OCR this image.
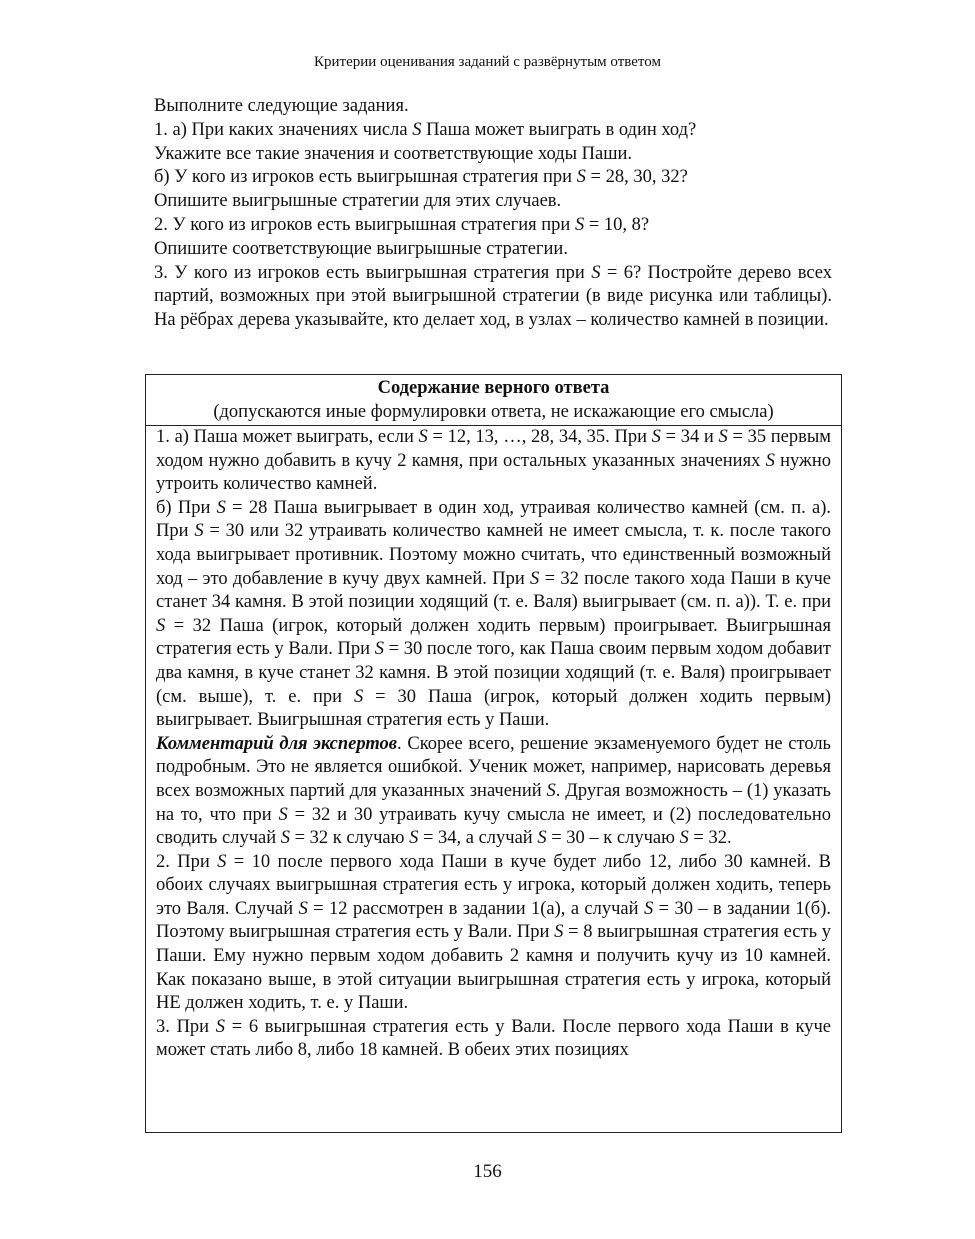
Критерии оценивания заданий с развёрнутым ответом

Выполните следующие задания.

1. а) При каких значениях числа S Паша может выиграть в один ход?

Укажите все такие значения и соответствующие ходы Паши.

б) У кого из игроков есть выигрышная стратегия при S = 28, 30, 32?

Опишите выигрышные стратегии для этих случаев.

2. У кого из игроков есть выигрышная стратегия при S = 10, 8?

Опишите соответствующие выигрышные стратегии.

3. У кого из игроков есть выигрышная стратегия при S = 6? Постройте дерево всех партий, возможных при этой выигрышной стратегии (в виде рисунка или таблицы). На рёбрах дерева указывайте, кто делает ход, в узлах – количество камней в позиции.

Содержание верного ответа
(допускаются иные формулировки ответа, не искажающие его смысла)

1. а) Паша может выиграть, если S = 12, 13, …, 28, 34, 35. При S = 34 и S = 35 первым ходом нужно добавить в кучу 2 камня, при остальных указанных значениях S нужно утроить количество камней.

б) При S = 28 Паша выигрывает в один ход, утраивая количество камней (см. п. а). При S = 30 или 32 утраивать количество камней не имеет смысла, т. к. после такого хода выигрывает противник. Поэтому можно считать, что единственный возможный ход – это добавление в кучу двух камней. При S = 32 после такого хода Паши в куче станет 34 камня. В этой позиции ходящий (т. е. Валя) выигрывает (см. п. а)). Т. е. при S = 32 Паша (игрок, который должен ходить первым) проигрывает. Выигрышная стратегия есть у Вали. При S = 30 после того, как Паша своим первым ходом добавит два камня, в куче станет 32 камня. В этой позиции ходящий (т. е. Валя) проигрывает (см. выше), т. е. при S = 30 Паша (игрок, который должен ходить первым) выигрывает. Выигрышная стратегия есть у Паши.

Комментарий для экспертов. Скорее всего, решение экзаменуемого будет не столь подробным. Это не является ошибкой. Ученик может, например, нарисовать деревья всех возможных партий для указанных значений S. Другая возможность – (1) указать на то, что при S = 32 и 30 утраивать кучу смысла не имеет, и (2) последовательно сводить случай S = 32 к случаю S = 34, а случай S = 30 – к случаю S = 32.

2. При S = 10 после первого хода Паши в куче будет либо 12, либо 30 камней. В обоих случаях выигрышная стратегия есть у игрока, который должен ходить, теперь это Валя. Случай S = 12 рассмотрен в задании 1(а), а случай S = 30 – в задании 1(б). Поэтому выигрышная стратегия есть у Вали. При S = 8 выигрышная стратегия есть у Паши. Ему нужно первым ходом добавить 2 камня и получить кучу из 10 камней. Как показано выше, в этой ситуации выигрышная стратегия есть у игрока, который НЕ должен ходить, т. е. у Паши.

3. При S = 6 выигрышная стратегия есть у Вали. После первого хода Паши в куче может стать либо 8, либо 18 камней. В обеих этих позициях

156
